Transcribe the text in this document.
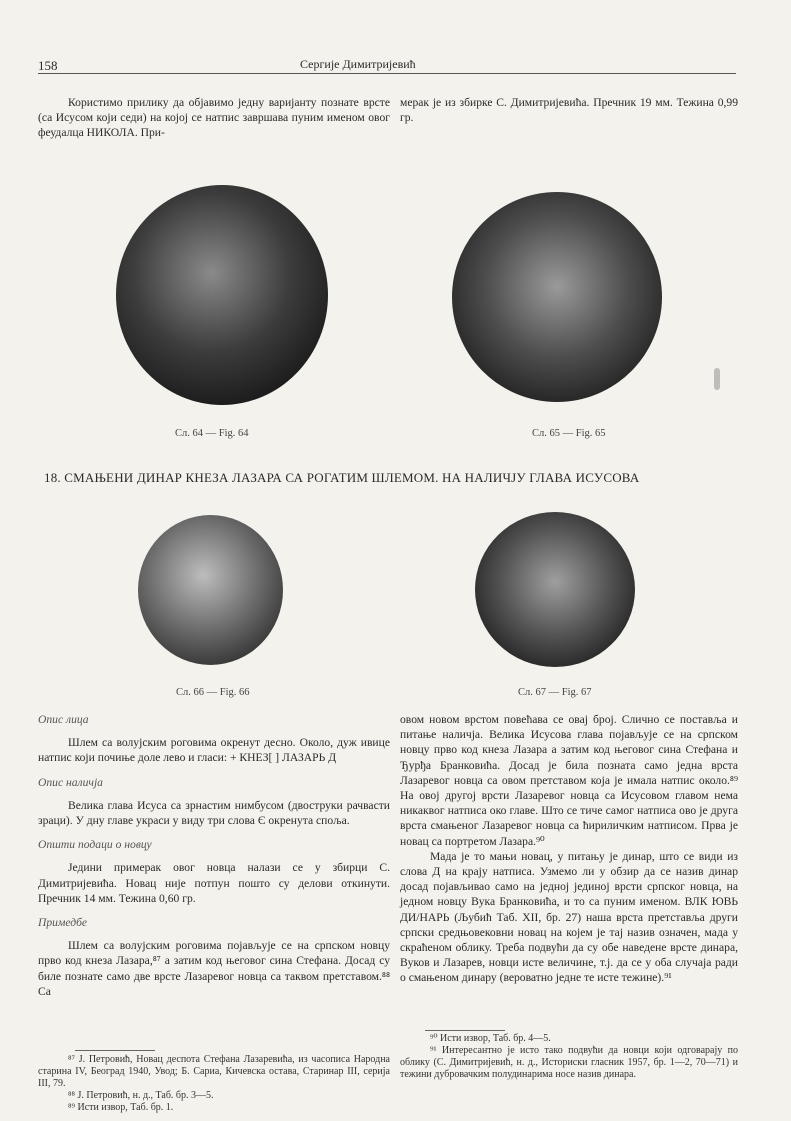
158	Сергије Димитријевић

Користимо прилику да објавимо једну варијанту познате врсте (са Исусом који седи) на којој се натпис завршава пуним именом овог феудалца НИКОЛА. При-

мерак је из збирке С. Димитријевића. Пречник 19 мм. Тежина 0,99 гр.

Сл. 64 — Fig. 64	Сл. 65 — Fig. 65
18. СМАЊЕНИ ДИНАР КНЕЗА ЛАЗАРА СА РОГАТИМ ШЛЕМОМ. НА НАЛИЧЈУ ГЛАВА ИСУСОВА
Сл. 66 — Fig. 66	Сл. 67 — Fig. 67
Опис лица

Шлем са волујским роговима окренут десно. Около, дуж ивице натпис који почиње доле лево и гласи: + КНЕЗ[ ] ЛАЗАРЬ Д

Опис наличја

Велика глава Исуса са зрнастим нимбусом (двоструки рачвасти зраци). У дну главе украси у виду три слова Є окренута споља.

Општи подаци о новцу

Једини примерак овог новца налази се у збирци С. Димитријевића. Новац није потпун пошто су делови откинути. Пречник 14 мм. Тежина 0,60 гр.

Примедбе

Шлем са волујским роговима појављује се на српском новцу прво код кнеза Лазара,⁸⁷ а затим код његовог сина Стефана. Досад су биле познате само две врсте Лазаревог новца са таквом претставом.⁸⁸ Са

овом новом врстом повећава се овај број. Слично се поставља и питање наличја. Велика Исусова глава појављује се на српском новцу прво код кнеза Лазара а затим код његовог сина Стефана и Ђурђа Бранковића. Досад је била позната само једна врста Лазаревог новца са овом претставом која је имала натпис около.⁸⁹ На овој другој врсти Лазаревог новца са Исусовом главом нема никаквог натписа око главе. Што се тиче самог натписа ово је друга врста смањеног Лазаревог новца са ћириличким натписом. Прва је новац са портретом Лазара.⁹⁰

Мада је то мањи новац, у питању је динар, што се види из слова Д на крају натписа. Узмемо ли у обзир да се назив динар досад појављивао само на једној јединој врсти српског новца, на једном новцу Вука Бранковића, и то са пуним именом. ВЛК ЮВЬ ДИ/НАРЬ (Љубић Таб. XII, бр. 27) наша врста претставља други српски средњовековни новац на којем је тај назив означен, мада у скраћеном облику. Треба подвући да су обе наведене врсте динара, Вуков и Лазарев, новци исте величине, т.ј. да се у оба случаја ради о смањеном динару (вероватно једне те исте тежине).⁹¹

⁸⁷ Ј. Петровић, Новац деспота Стефана Лазаревића, из часописа Народна старина IV, Београд 1940, Увод; Б. Сариа, Кичевска остава, Старинар III, серија III, 79.

⁸⁸ Ј. Петровић, н. д., Таб. бр. 3—5.

⁸⁹ Исти извор, Таб. бр. 1.

⁹⁰ Исти извор, Таб. бр. 4—5.

⁹¹ Интересантно је исто тако подвући да новци који одговарају по облику (С. Димитријевић, н. д., Историски гласник 1957, бр. 1—2, 70—71) и тежини дубровачким полудинарима носе назив динара.
